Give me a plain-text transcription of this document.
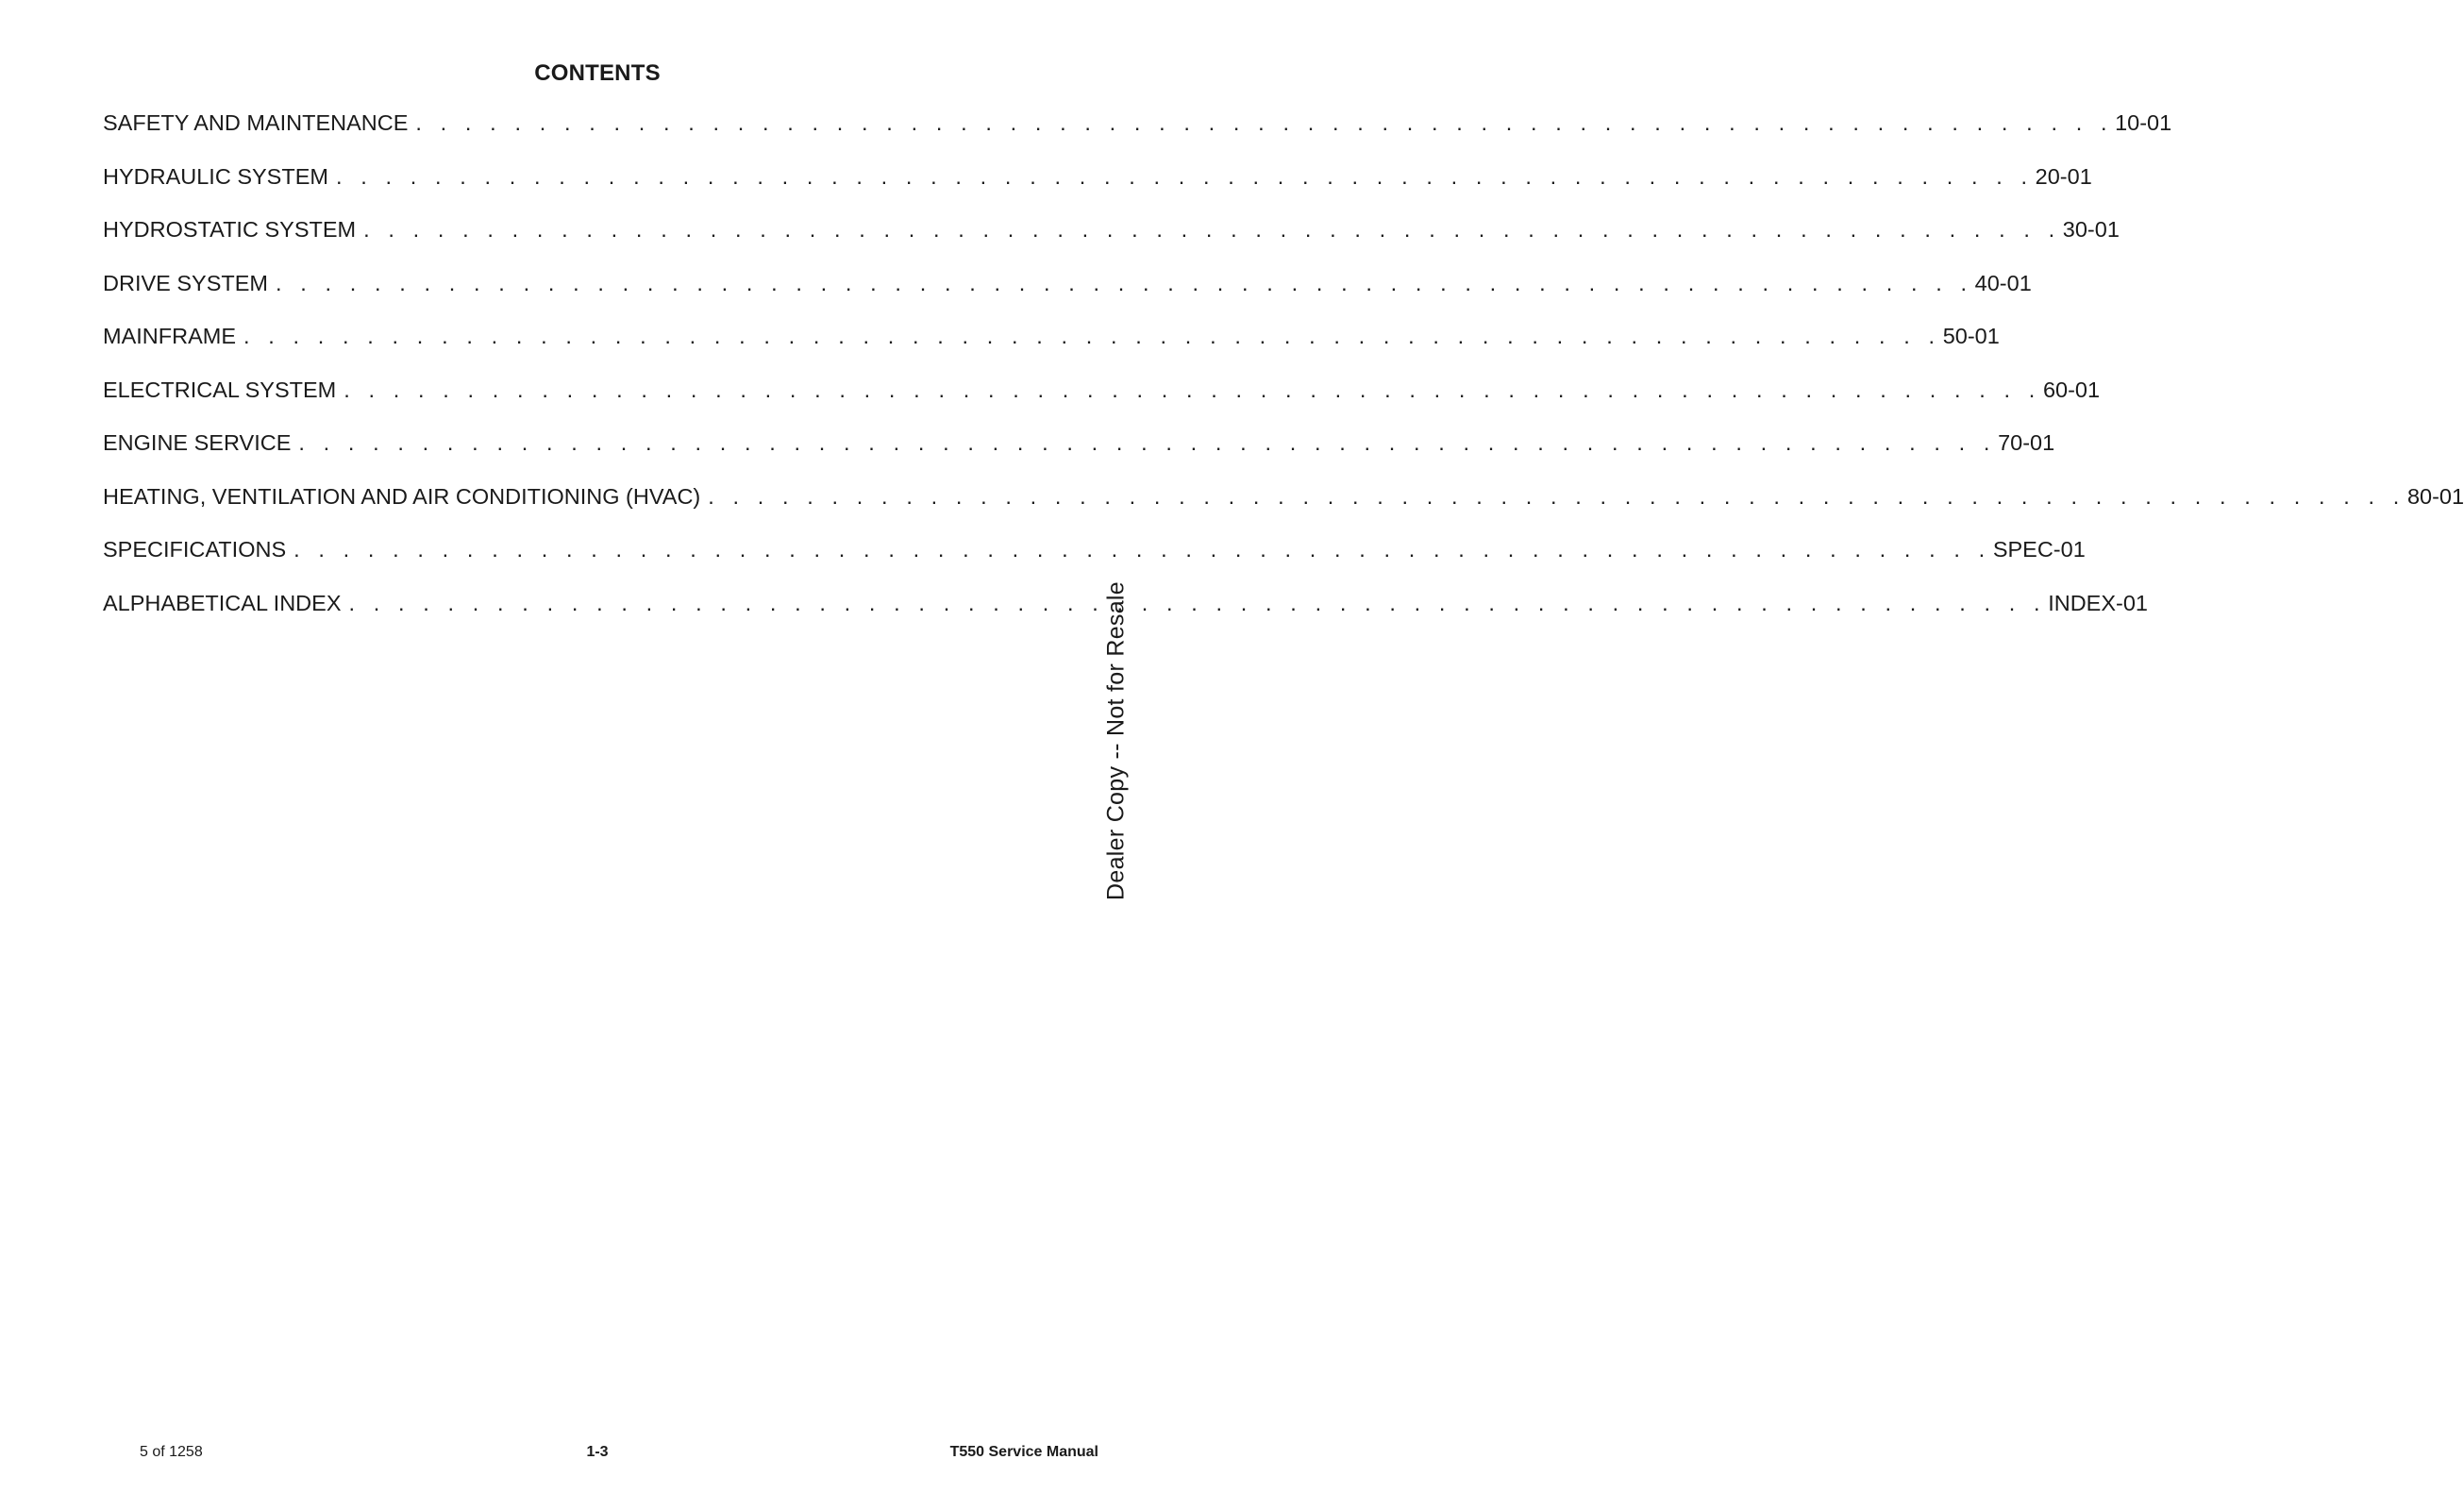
CONTENTS
SAFETY AND MAINTENANCE . . . . . . . . . . . . . . . . . . . . . . . . . . . . . . . . . . . . . . . . . . . . . . . . . . . . . . . . . . . . . . . . . . . . . 10-01
HYDRAULIC SYSTEM . . . . . . . . . . . . . . . . . . . . . . . . . . . . . . . . . . . . . . . . . . . . . . . . . . . . . . . . . . . . . . . . . . . . . 20-01
HYDROSTATIC SYSTEM . . . . . . . . . . . . . . . . . . . . . . . . . . . . . . . . . . . . . . . . . . . . . . . . . . . . . . . . . . . . . . . . . . . . . 30-01
DRIVE SYSTEM . . . . . . . . . . . . . . . . . . . . . . . . . . . . . . . . . . . . . . . . . . . . . . . . . . . . . . . . . . . . . . . . . . . . . 40-01
MAINFRAME . . . . . . . . . . . . . . . . . . . . . . . . . . . . . . . . . . . . . . . . . . . . . . . . . . . . . . . . . . . . . . . . . . . . . 50-01
ELECTRICAL SYSTEM . . . . . . . . . . . . . . . . . . . . . . . . . . . . . . . . . . . . . . . . . . . . . . . . . . . . . . . . . . . . . . . . . . . . . 60-01
ENGINE SERVICE . . . . . . . . . . . . . . . . . . . . . . . . . . . . . . . . . . . . . . . . . . . . . . . . . . . . . . . . . . . . . . . . . . . . . 70-01
HEATING, VENTILATION AND AIR CONDITIONING (HVAC) . . . . . . . . . . . . . . . . . . . . . . . . . . . . . . . . . . . . . . . . . . . . . . . . . . . . . . . . . . . . . . . . . . . . . 80-01
SPECIFICATIONS . . . . . . . . . . . . . . . . . . . . . . . . . . . . . . . . . . . . . . . . . . . . . . . . . . . . . . . . . . . . . . . . . . . . . SPEC-01
ALPHABETICAL INDEX . . . . . . . . . . . . . . . . . . . . . . . . . . . . . . . . . . . . . . . . . . . . . . . . . . . . . . . . . . . . . . . . . . . . . INDEX-01
Dealer Copy -- Not for Resale
5 of 1258	1-3	T550 Service Manual
